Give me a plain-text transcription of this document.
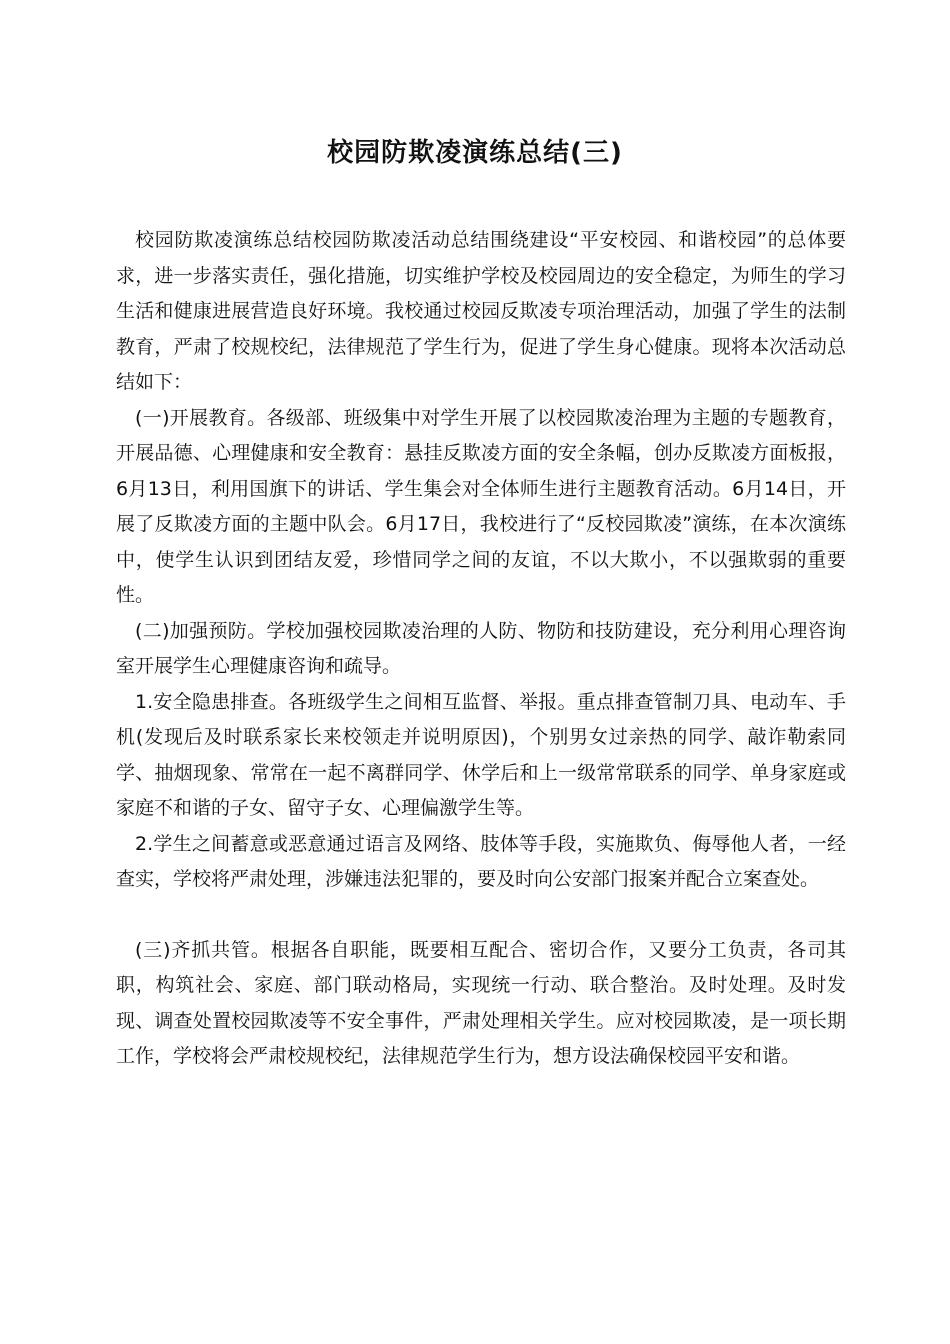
校园防欺凌演练总结(三)

校园防欺凌演练总结校园防欺凌活动总结围绕建设“平安校园、和谐校园”的总体要求，进一步落实责任，强化措施，切实维护学校及校园周边的安全稳定，为师生的学习生活和健康进展营造良好环境。我校通过校园反欺凌专项治理活动，加强了学生的法制教育，严肃了校规校纪，法律规范了学生行为，促进了学生身心健康。现将本次活动总结如下：

(一)开展教育。各级部、班级集中对学生开展了以校园欺凌治理为主题的专题教育，开展品德、心理健康和安全教育：悬挂反欺凌方面的安全条幅，创办反欺凌方面板报，6月13日，利用国旗下的讲话、学生集会对全体师生进行主题教育活动。6月14日，开展了反欺凌方面的主题中队会。6月17日，我校进行了“反校园欺凌”演练，在本次演练中，使学生认识到团结友爱，珍惜同学之间的友谊，不以大欺小，不以强欺弱的重要性。

(二)加强预防。学校加强校园欺凌治理的人防、物防和技防建设，充分利用心理咨询室开展学生心理健康咨询和疏导。

1.安全隐患排查。各班级学生之间相互监督、举报。重点排查管制刀具、电动车、手机(发现后及时联系家长来校领走并说明原因)，个别男女过亲热的同学、敲诈勒索同学、抽烟现象、常常在一起不离群同学、休学后和上一级常常联系的同学、单身家庭或家庭不和谐的子女、留守子女、心理偏激学生等。

2.学生之间蓄意或恶意通过语言及网络、肢体等手段，实施欺负、侮辱他人者，一经查实，学校将严肃处理，涉嫌违法犯罪的，要及时向公安部门报案并配合立案查处。

(三)齐抓共管。根据各自职能，既要相互配合、密切合作，又要分工负责，各司其职，构筑社会、家庭、部门联动格局，实现统一行动、联合整治。及时处理。及时发现、调查处置校园欺凌等不安全事件，严肃处理相关学生。应对校园欺凌，是一项长期工作，学校将会严肃校规校纪，法律规范学生行为，想方设法确保校园平安和谐。
